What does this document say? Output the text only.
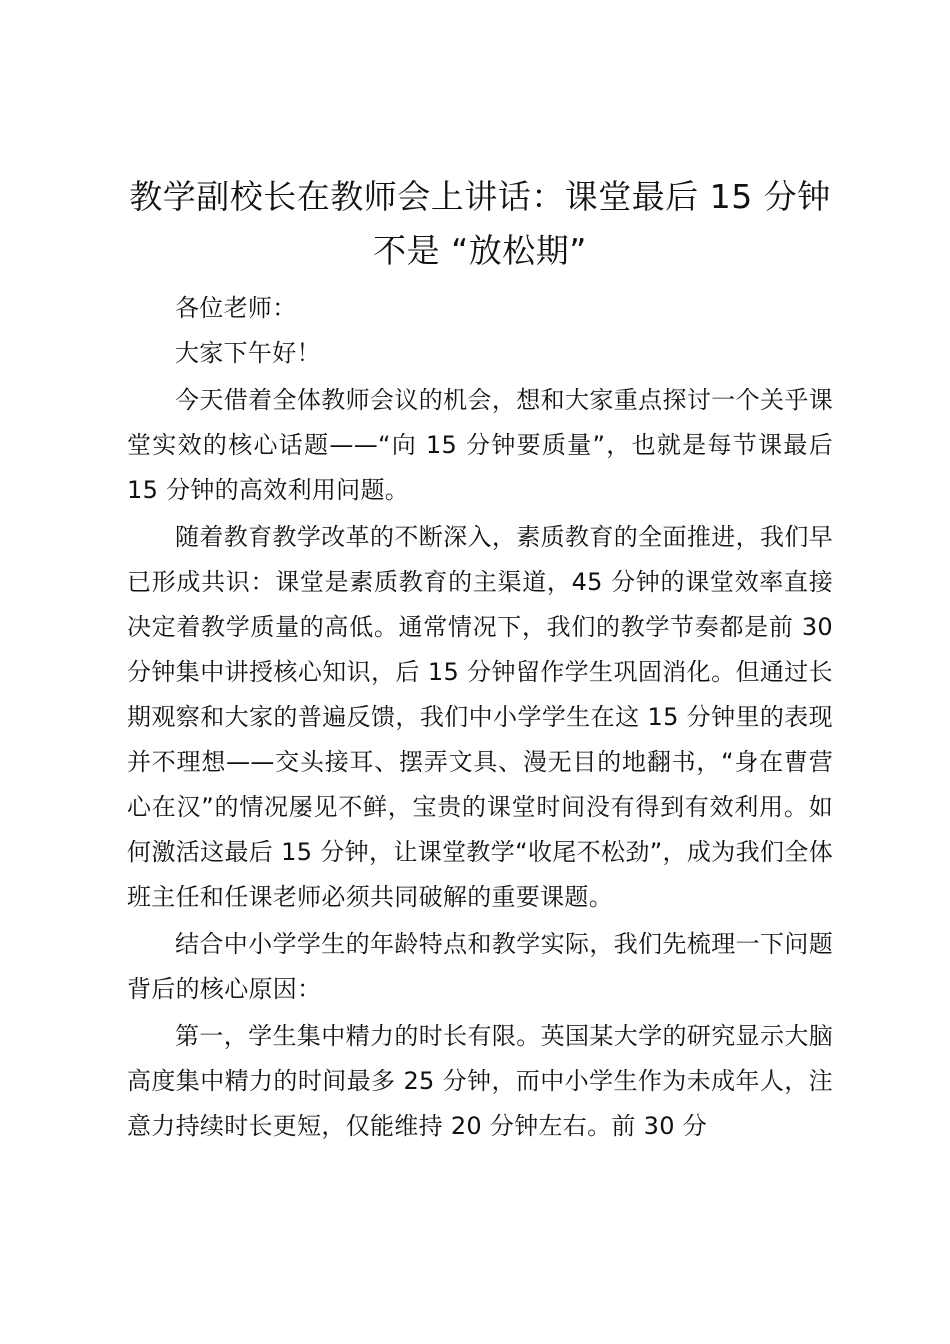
教学副校长在教师会上讲话：课堂最后 15 分钟不是 “放松期”

各位老师：

大家下午好！

今天借着全体教师会议的机会，想和大家重点探讨一个关乎课堂实效的核心话题——“向 15 分钟要质量”，也就是每节课最后 15 分钟的高效利用问题。

随着教育教学改革的不断深入，素质教育的全面推进，我们早已形成共识：课堂是素质教育的主渠道，45 分钟的课堂效率直接决定着教学质量的高低。通常情况下，我们的教学节奏都是前 30 分钟集中讲授核心知识，后 15 分钟留作学生巩固消化。但通过长期观察和大家的普遍反馈，我们中小学学生在这 15 分钟里的表现并不理想——交头接耳、摆弄文具、漫无目的地翻书，“身在曹营心在汉”的情况屡见不鲜，宝贵的课堂时间没有得到有效利用。如何激活这最后 15 分钟，让课堂教学“收尾不松劲”，成为我们全体班主任和任课老师必须共同破解的重要课题。

结合中小学学生的年龄特点和教学实际，我们先梳理一下问题背后的核心原因：

第一，学生集中精力的时长有限。英国某大学的研究显示大脑高度集中精力的时间最多 25 分钟，而中小学生作为未成年人，注意力持续时长更短，仅能维持 20 分钟左右。前 30 分
